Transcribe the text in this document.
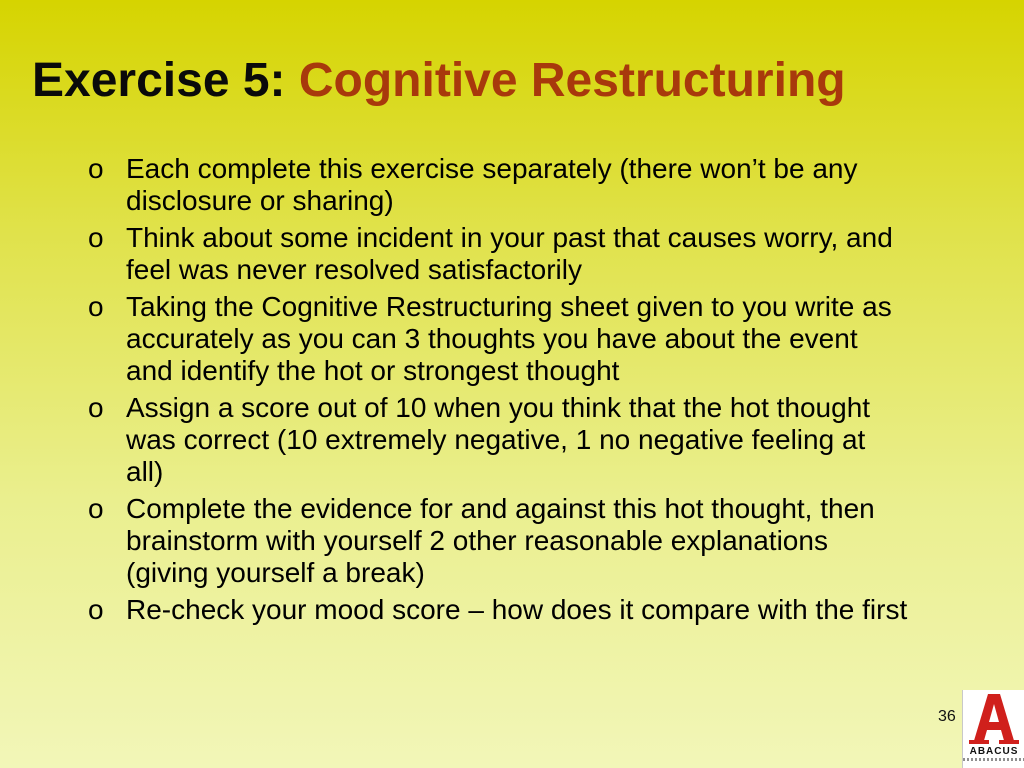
Exercise 5: Cognitive Restructuring
o Each complete this exercise separately (there won’t be any disclosure or sharing)
o Think about some incident in your past that causes worry, and feel was never resolved satisfactorily
o Taking the Cognitive Restructuring sheet given to you write as accurately as you can 3 thoughts you have about the event and identify the hot or strongest thought
o Assign a score out of 10 when you think that the hot thought was correct (10 extremely negative, 1 no negative feeling at all)
o Complete the evidence for and against this hot thought, then brainstorm with yourself 2 other reasonable explanations (giving yourself a break)
o Re-check your mood score – how does it compare with the first
36
ABACUS
